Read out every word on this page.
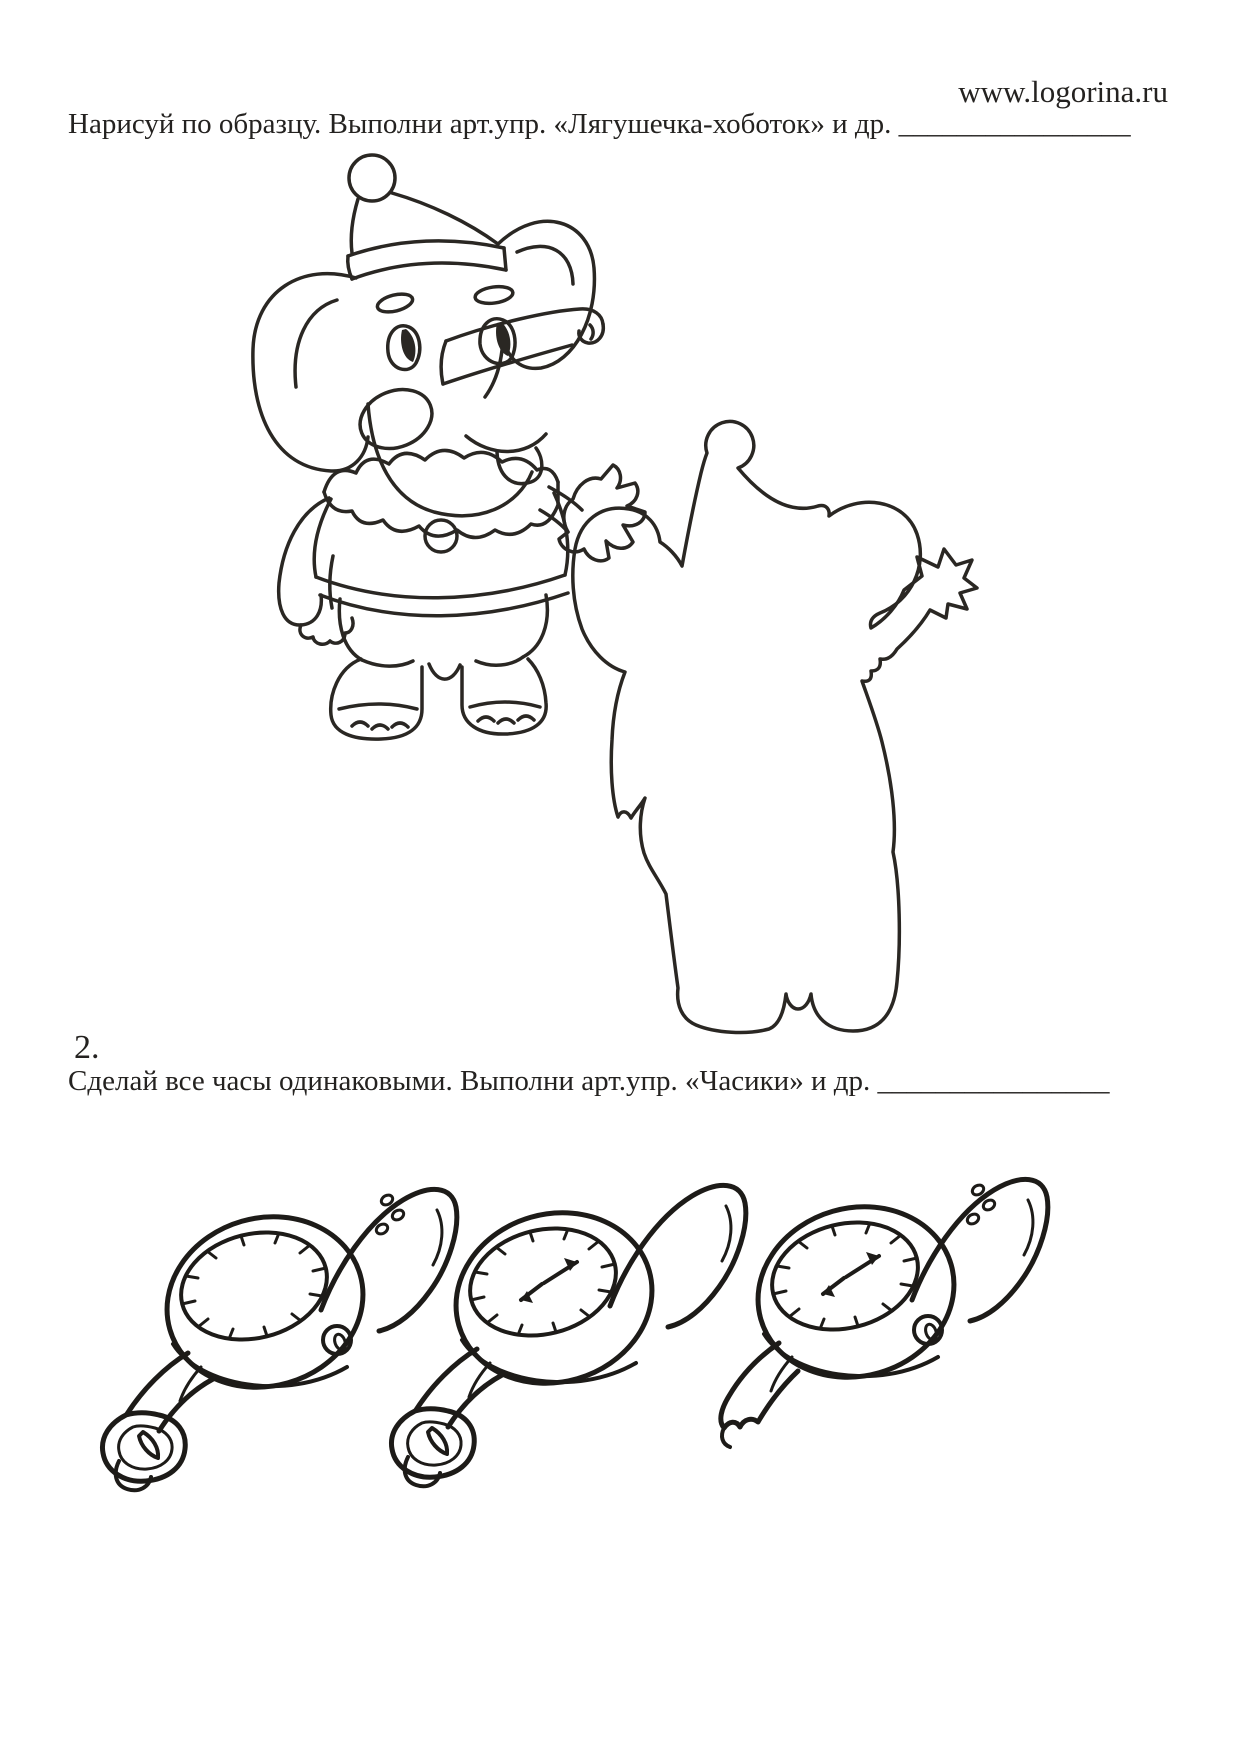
www.logorina.ru
Нарисуй по образцу. Выполни арт.упр. «Лягушечка-хоботок» и др. ________________
2.
Сделай все часы одинаковыми. Выполни арт.упр. «Часики» и др. ________________
